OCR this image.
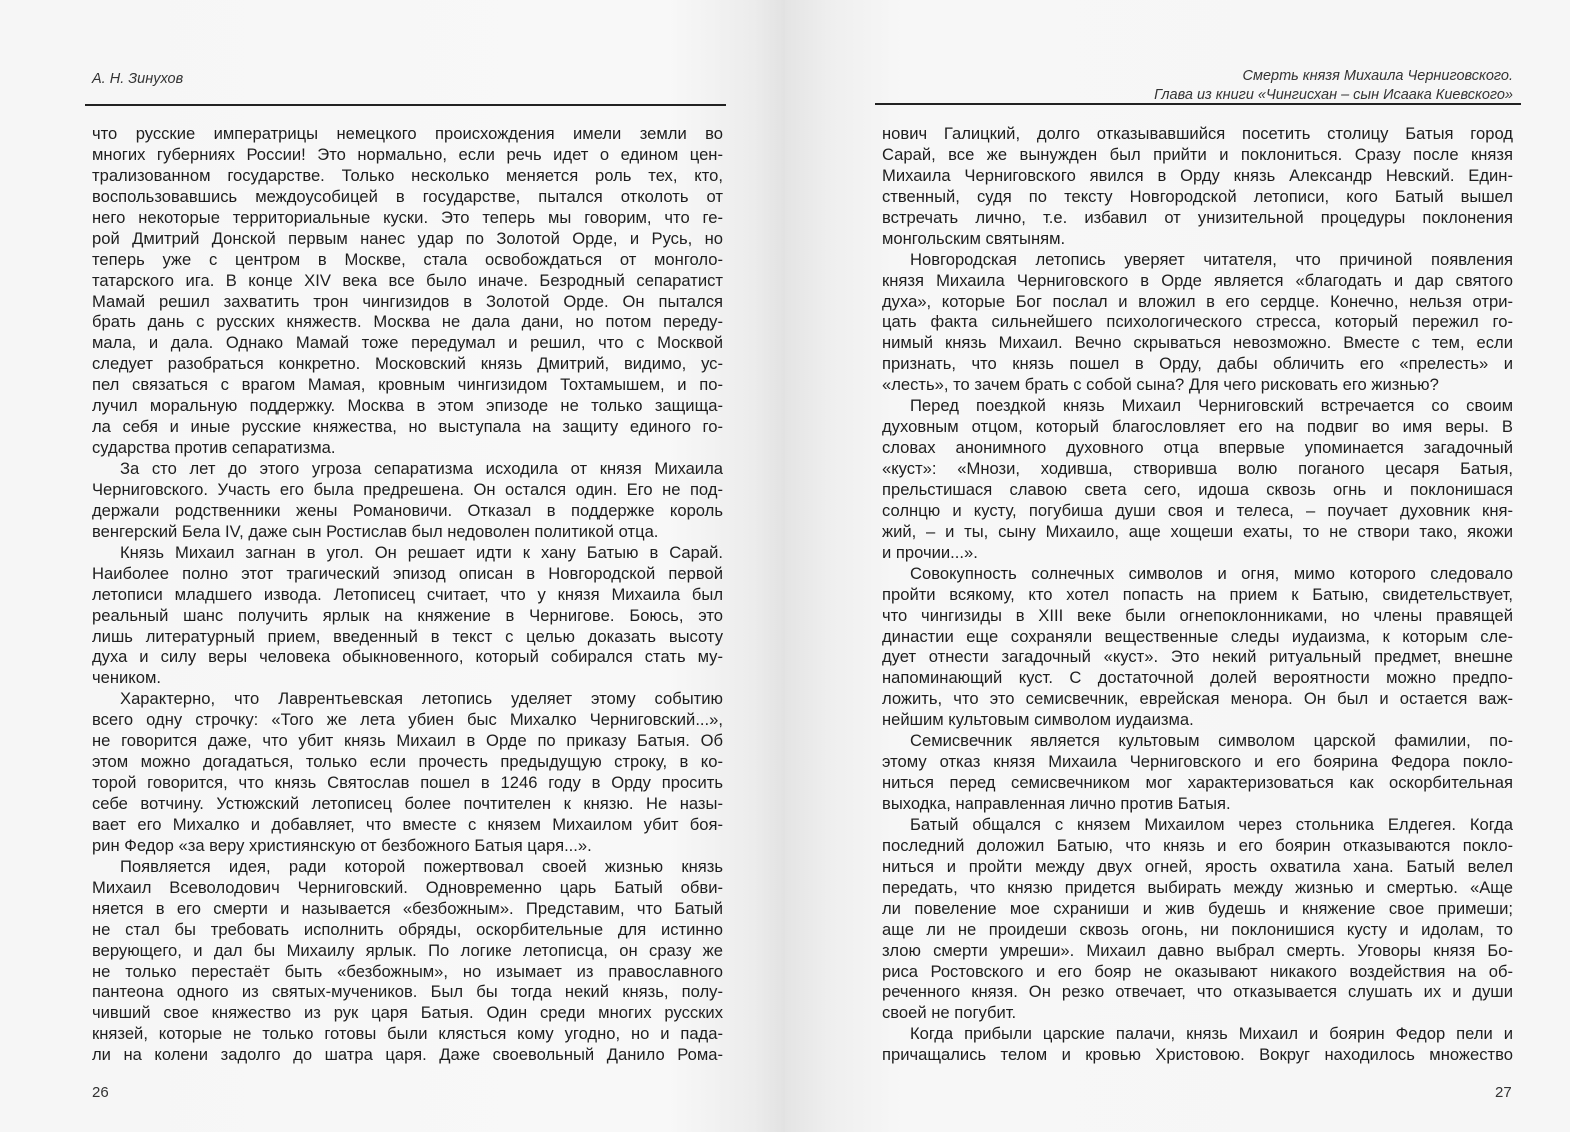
А. Н. Зинухов
что русские императрицы немецкого происхождения имели земли во
многих губерниях России! Это нормально, если речь идет о едином цен-
трализованном государстве. Только несколько меняется роль тех, кто,
воспользовавшись междоусобицей в государстве, пытался отколоть от
него некоторые территориальные куски. Это теперь мы говорим, что ге-
рой Дмитрий Донской первым нанес удар по Золотой Орде, и Русь, но
теперь уже с центром в Москве, стала освобождаться от монголо-
татарского ига. В конце XIV века все было иначе. Безродный сепаратист
Мамай решил захватить трон чингизидов в Золотой Орде. Он пытался
брать дань с русских княжеств. Москва не дала дани, но потом переду-
мала, и дала. Однако Мамай тоже передумал и решил, что с Москвой
следует разобраться конкретно. Московский князь Дмитрий, видимо, ус-
пел связаться с врагом Мамая, кровным чингизидом Тохтамышем, и по-
лучил моральную поддержку. Москва в этом эпизоде не только защища-
ла себя и иные русские княжества, но выступала на защиту единого го-
сударства против сепаратизма.
За сто лет до этого угроза сепаратизма исходила от князя Михаила
Черниговского. Участь его была предрешена. Он остался один. Его не под-
держали родственники жены Романовичи. Отказал в поддержке король
венгерский Бела IV, даже сын Ростислав был недоволен политикой отца.
Князь Михаил загнан в угол. Он решает идти к хану Батыю в Сарай.
Наиболее полно этот трагический эпизод описан в Новгородской первой
летописи младшего извода. Летописец считает, что у князя Михаила был
реальный шанс получить ярлык на княжение в Чернигове. Боюсь, это
лишь литературный прием, введенный в текст с целью доказать высоту
духа и силу веры человека обыкновенного, который собирался стать му-
чеником.
Характерно, что Лаврентьевская летопись уделяет этому событию
всего одну строчку: «Того же лета убиен быс Михалко Черниговский...»,
не говорится даже, что убит князь Михаил в Орде по приказу Батыя. Об
этом можно догадаться, только если прочесть предыдущую строку, в ко-
торой говорится, что князь Святослав пошел в 1246 году в Орду просить
себе вотчину. Устюжский летописец более почтителен к князю. Не назы-
вает его Михалко и добавляет, что вместе с князем Михаилом убит боя-
рин Федор «за веру християнскую от безбожного Батыя царя...».
Появляется идея, ради которой пожертвовал своей жизнью князь
Михаил Всеволодович Черниговский. Одновременно царь Батый обви-
няется в его смерти и называется «безбожным». Представим, что Батый
не стал бы требовать исполнить обряды, оскорбительные для истинно
верующего, и дал бы Михаилу ярлык. По логике летописца, он сразу же
не только перестаёт быть «безбожным», но изымает из православного
пантеона одного из святых-мучеников. Был бы тогда некий князь, полу-
чивший свое княжество из рук царя Батыя. Один среди многих русских
князей, которые не только готовы были клясться кому угодно, но и пада-
ли на колени задолго до шатра царя. Даже своевольный Данило Рома-
26
Смерть князя Михаила Черниговского.
Глава из книги «Чингисхан – сын Исаака Киевского»
нович Галицкий, долго отказывавшийся посетить столицу Батыя город
Сарай, все же вынужден был прийти и поклониться. Сразу после князя
Михаила Черниговского явился в Орду князь Александр Невский. Един-
ственный, судя по тексту Новгородской летописи, кого Батый вышел
встречать лично, т.е. избавил от унизительной процедуры поклонения
монгольским святыням.
Новгородская летопись уверяет читателя, что причиной появления
князя Михаила Черниговского в Орде является «благодать и дар святого
духа», которые Бог послал и вложил в его сердце. Конечно, нельзя отри-
цать факта сильнейшего психологического стресса, который пережил го-
нимый князь Михаил. Вечно скрываться невозможно. Вместе с тем, если
признать, что князь пошел в Орду, дабы обличить его «прелесть» и
«лесть», то зачем брать с собой сына? Для чего рисковать его жизнью?
Перед поездкой князь Михаил Черниговский встречается со своим
духовным отцом, который благословляет его на подвиг во имя веры. В
словах анонимного духовного отца впервые упоминается загадочный
«куст»: «Мнози, ходивша, створивша волю поганого цесаря Батыя,
прельстишася славою света сего, идоша сквозь огнь и поклонишася
солнцю и кусту, погубиша души своя и телеса, – поучает духовник кня-
жий, – и ты, сыну Михаило, аще хощеши ехаты, то не створи тако, якожи
и прочии...».
Совокупность солнечных символов и огня, мимо которого следовало
пройти всякому, кто хотел попасть на прием к Батыю, свидетельствует,
что чингизиды в XIII веке были огнепоклонниками, но члены правящей
династии еще сохраняли вещественные следы иудаизма, к которым сле-
дует отнести загадочный «куст». Это некий ритуальный предмет, внешне
напоминающий куст. С достаточной долей вероятности можно предпо-
ложить, что это семисвечник, еврейская менора. Он был и остается важ-
нейшим культовым символом иудаизма.
Семисвечник является культовым символом царской фамилии, по-
этому отказ князя Михаила Черниговского и его боярина Федора покло-
ниться перед семисвечником мог характеризоваться как оскорбительная
выходка, направленная лично против Батыя.
Батый общался с князем Михаилом через стольника Елдегея. Когда
последний доложил Батыю, что князь и его боярин отказываются покло-
ниться и пройти между двух огней, ярость охватила хана. Батый велел
передать, что князю придется выбирать между жизнью и смертью. «Аще
ли повеление мое схраниши и жив будешь и княжение свое примеши;
аще ли не проидеши сквозь огонь, ни поклонишися кусту и идолам, то
злою смерти умреши». Михаил давно выбрал смерть. Уговоры князя Бо-
риса Ростовского и его бояр не оказывают никакого воздействия на об-
реченного князя. Он резко отвечает, что отказывается слушать их и души
своей не погубит.
Когда прибыли царские палачи, князь Михаил и боярин Федор пели и
причащались телом и кровью Христовою. Вокруг находилось множество
27
